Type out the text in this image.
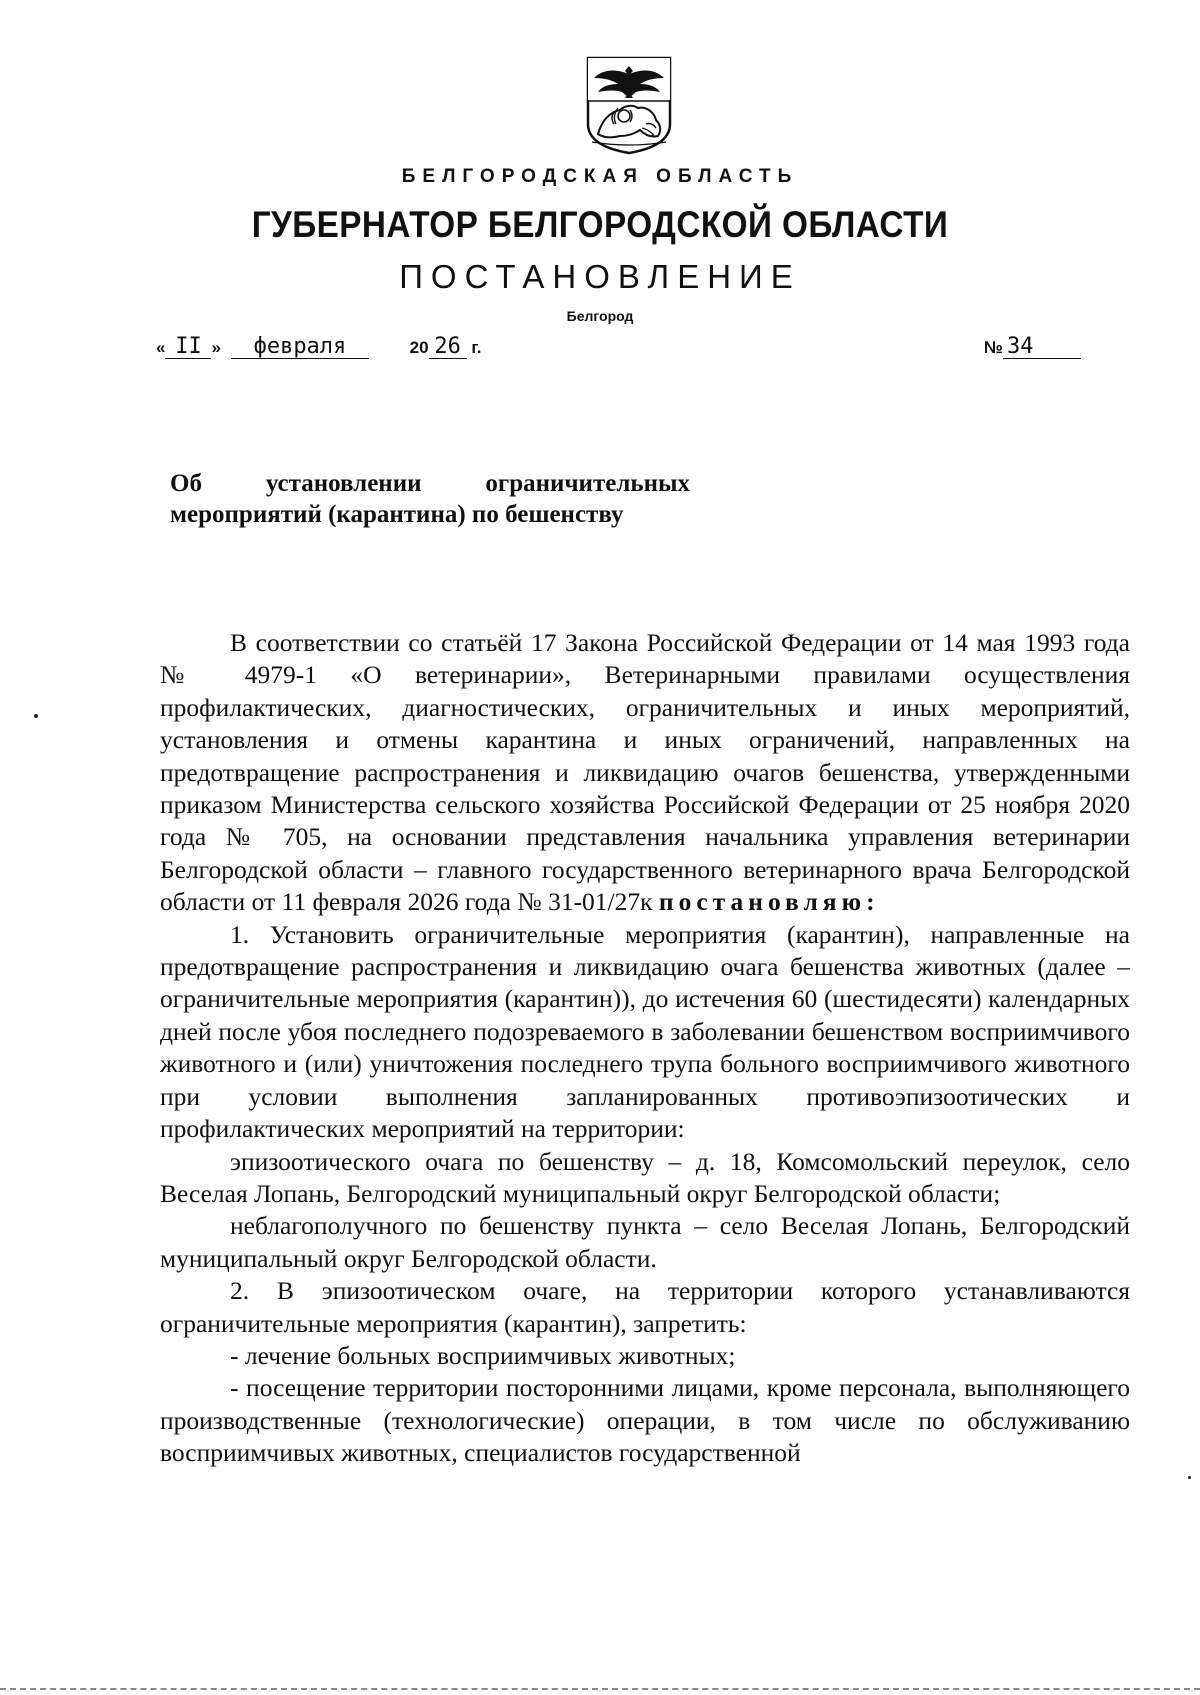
БЕЛГОРОДСКАЯ ОБЛАСТЬ
ГУБЕРНАТОР БЕЛГОРОДСКОЙ ОБЛАСТИ
ПОСТАНОВЛЕНИЕ
Белгород
« II » февраля	20 26 г.	№ 34
Об установлении ограничительных
мероприятий (карантина) по бешенству

В соответствии со статьёй 17 Закона Российской Федерации от 14 мая 1993 года № 4979-1 «О ветеринарии», Ветеринарными правилами осуществления профилактических, диагностических, ограничительных и иных мероприятий, установления и отмены карантина и иных ограничений, направленных на предотвращение распространения и ликвидацию очагов бешенства, утвержденными приказом Министерства сельского хозяйства Российской Федерации от 25 ноября 2020 года № 705, на основании представления начальника управления ветеринарии Белгородской области – главного государственного ветеринарного врача Белгородской области от 11 февраля 2026 года № 31-01/27к постановляю:

1. Установить ограничительные мероприятия (карантин), направленные на предотвращение распространения и ликвидацию очага бешенства животных (далее – ограничительные мероприятия (карантин)), до истечения 60 (шестидесяти) календарных дней после убоя последнего подозреваемого в заболевании бешенством восприимчивого животного и (или) уничтожения последнего трупа больного восприимчивого животного при условии выполнения запланированных противоэпизоотических и профилактических мероприятий на территории:

эпизоотического очага по бешенству – д. 18, Комсомольский переулок, село Веселая Лопань, Белгородский муниципальный округ Белгородской области;

неблагополучного по бешенству пункта – село Веселая Лопань, Белгородский муниципальный округ Белгородской области.

2. В эпизоотическом очаге, на территории которого устанавливаются ограничительные мероприятия (карантин), запретить:

- лечение больных восприимчивых животных;

- посещение территории посторонними лицами, кроме персонала, выполняющего производственные (технологические) операции, в том числе по обслуживанию восприимчивых животных, специалистов государственной
